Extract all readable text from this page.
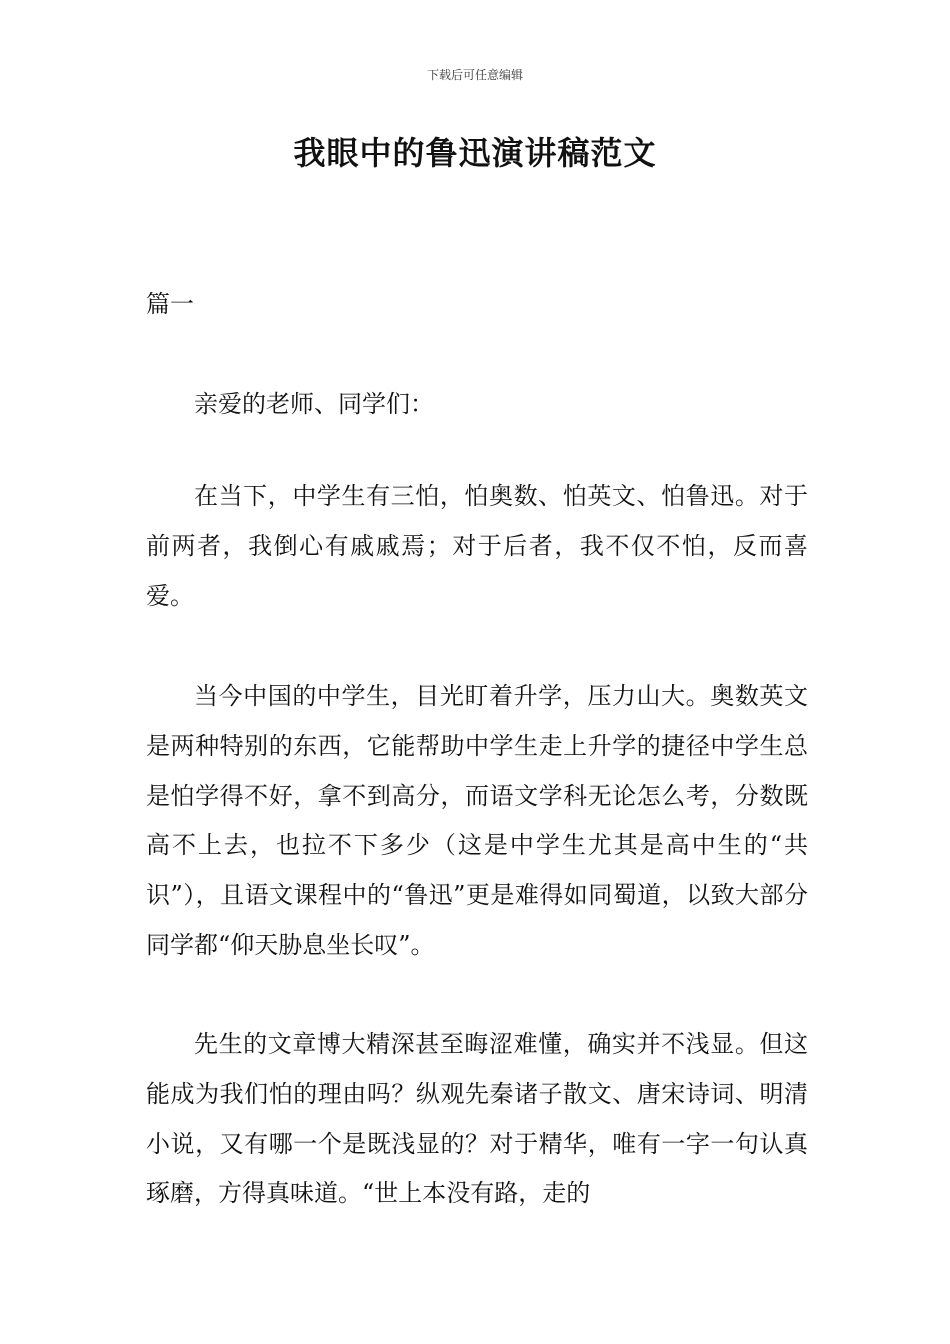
下载后可任意编辑

我眼中的鲁迅演讲稿范文

篇一

亲爱的老师、同学们：

在当下，中学生有三怕，怕奥数、怕英文、怕鲁迅。对于前两者，我倒心有戚戚焉；对于后者，我不仅不怕，反而喜爱。

当今中国的中学生，目光盯着升学，压力山大。奥数英文是两种特别的东西，它能帮助中学生走上升学的捷径中学生总是怕学得不好，拿不到高分，而语文学科无论怎么考，分数既高不上去，也拉不下多少（这是中学生尤其是高中生的“共识”），且语文课程中的“鲁迅”更是难得如同蜀道，以致大部分同学都“仰天胁息坐长叹”。

先生的文章博大精深甚至晦涩难懂，确实并不浅显。但这能成为我们怕的理由吗？纵观先秦诸子散文、唐宋诗词、明清小说，又有哪一个是既浅显的？对于精华，唯有一字一句认真琢磨，方得真味道。“世上本没有路，走的
